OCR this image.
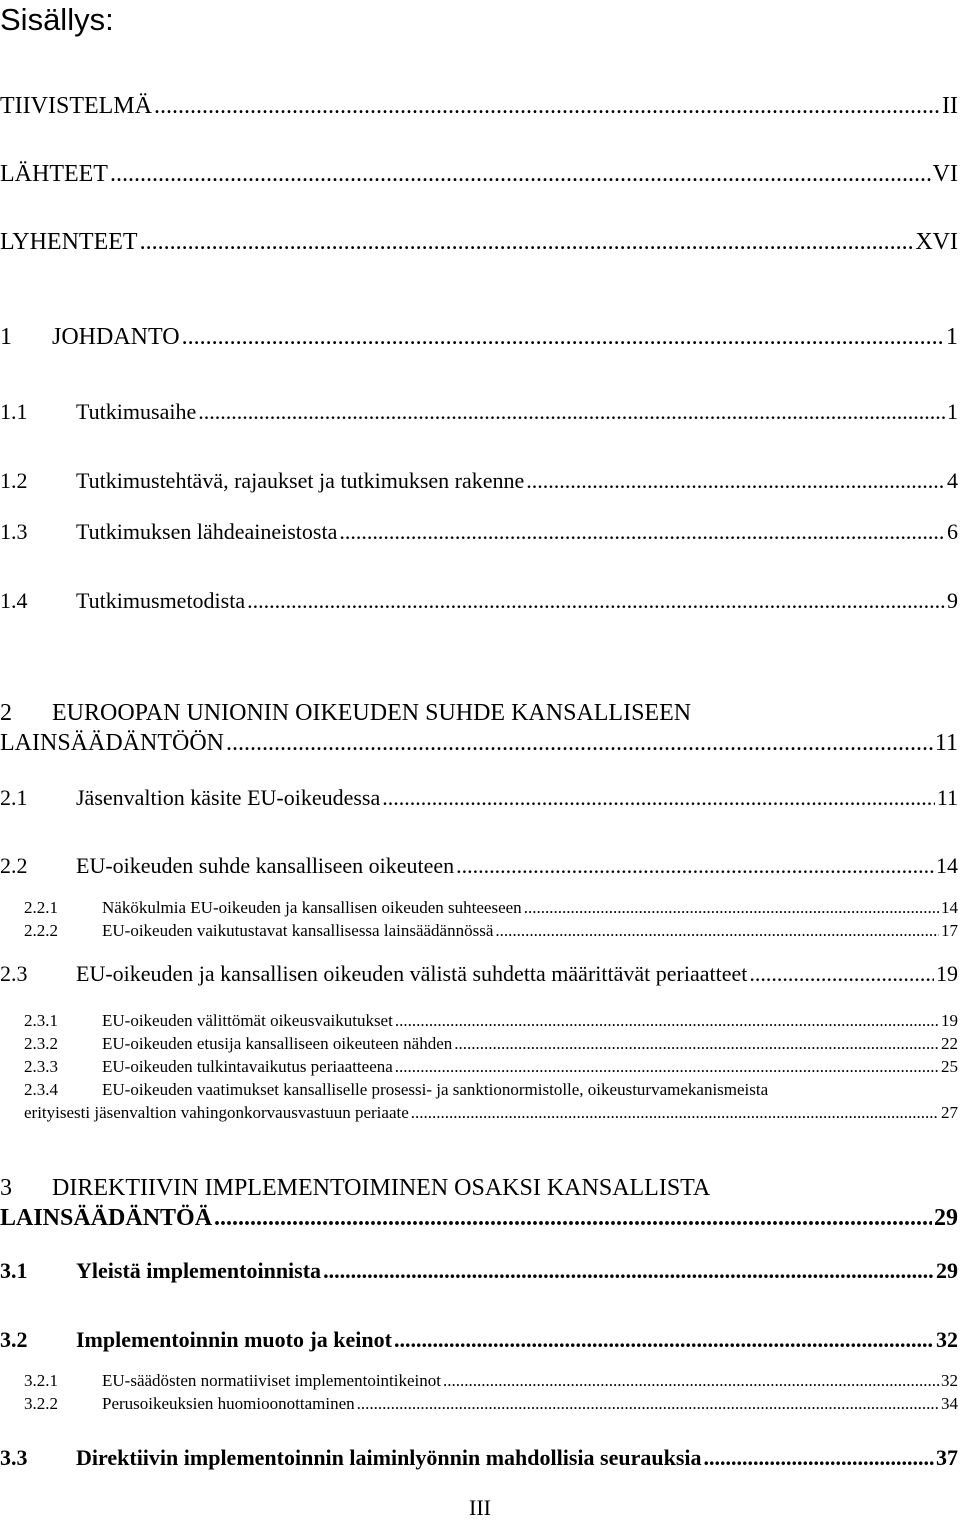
Sisällys:
TIIVISTELMÄ .....	II
LÄHTEET .....	VI
LYHENTEET .....	XVI
1	JOHDANTO .....	1
1.1	Tutkimusaihe .....	1
1.2	Tutkimustehtävä, rajaukset ja tutkimuksen rakenne .....	4
1.3	Tutkimuksen lähdeaineistosta .....	6
1.4	Tutkimusmetodista .....	9
2 EUROOPAN UNIONIN OIKEUDEN SUHDE KANSALLISEEN
LAINSÄÄDÄNTÖÖN .....	11
2.1	Jäsenvaltion käsite EU-oikeudessa .....	11
2.2	EU-oikeuden suhde kansalliseen oikeuteen .....	14
2.2.1	Näkökulmia EU-oikeuden ja kansallisen oikeuden suhteeseen .....	14
2.2.2	EU-oikeuden vaikutustavat kansallisessa lainsäädännössä .....	17
2.3	EU-oikeuden ja kansallisen oikeuden välistä suhdetta määrittävät periaatteet .....	19
2.3.1	EU-oikeuden välittömät oikeusvaikutukset .....	19
2.3.2	EU-oikeuden etusija kansalliseen oikeuteen nähden .....	22
2.3.3	EU-oikeuden tulkintavaikutus periaatteena .....	25
2.3.4	EU-oikeuden vaatimukset kansalliselle prosessi- ja sanktionormistolle, oikeusturvamekanismeista
erityisesti jäsenvaltion vahingonkorvausvastuun periaate .....	27
3 DIREKTIIVIN IMPLEMENTOIMINEN OSAKSI KANSALLISTA
LAINSÄÄDÄNTÖÄ .....	29
3.1	Yleistä implementoinnista .....	29
3.2	Implementoinnin muoto ja keinot .....	32
3.2.1	EU-säädösten normatiiviset implementointikeinot .....	32
3.2.2	Perusoikeuksien huomioonottaminen .....	34
3.3	Direktiivin implementoinnin laiminlyönnin mahdollisia seurauksia .....	37
III
